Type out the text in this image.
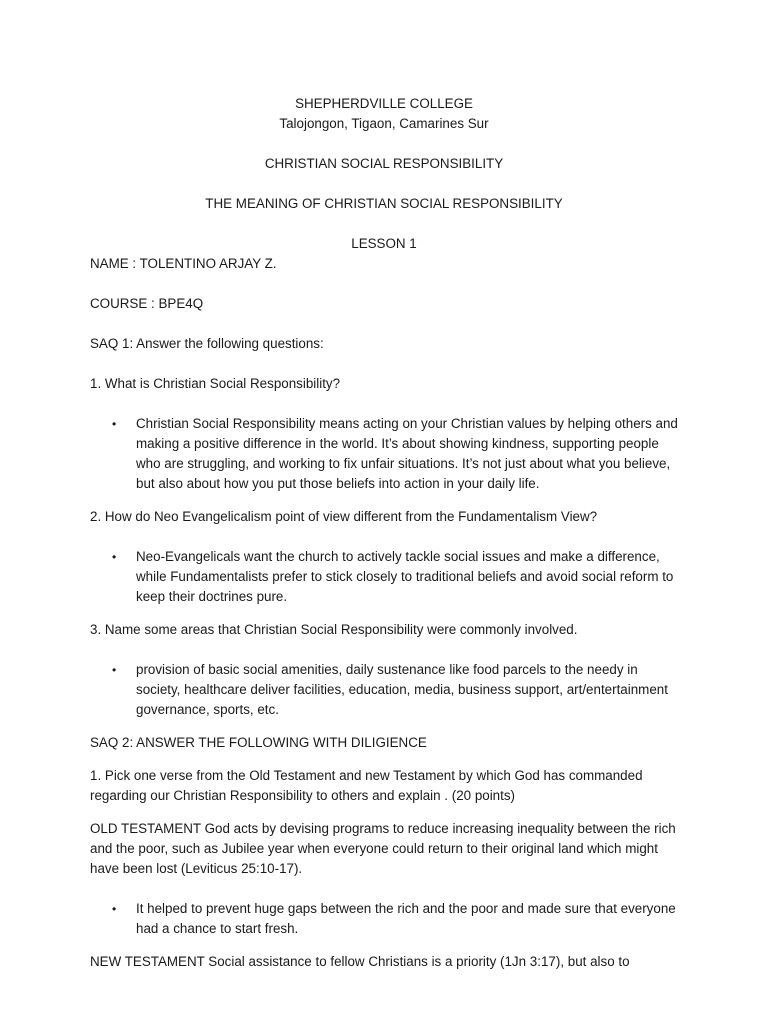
SHEPHERDVILLE COLLEGE

Talojongon, Tigaon, Camarines Sur

CHRISTIAN SOCIAL RESPONSIBILITY

THE MEANING OF CHRISTIAN SOCIAL RESPONSIBILITY

LESSON 1

NAME : TOLENTINO ARJAY Z.

COURSE : BPE4Q

SAQ 1: Answer the following questions:

1. What is Christian Social Responsibility?

• Christian Social Responsibility means acting on your Christian values by helping others and making a positive difference in the world. It’s about showing kindness, supporting people who are struggling, and working to fix unfair situations. It’s not just about what you believe, but also about how you put those beliefs into action in your daily life.

2. How do Neo Evangelicalism point of view different from the Fundamentalism View?

• Neo-Evangelicals want the church to actively tackle social issues and make a difference, while Fundamentalists prefer to stick closely to traditional beliefs and avoid social reform to keep their doctrines pure.

3. Name some areas that Christian Social Responsibility were commonly involved.

• provision of basic social amenities, daily sustenance like food parcels to the needy in society, healthcare deliver facilities, education, media, business support, art/entertainment governance, sports, etc.

SAQ 2: ANSWER THE FOLLOWING WITH DILIGIENCE

1. Pick one verse from the Old Testament and new Testament by which God has commanded regarding our Christian Responsibility to others and explain . (20 points)

OLD TESTAMENT God acts by devising programs to reduce increasing inequality between the rich and the poor, such as Jubilee year when everyone could return to their original land which might have been lost (Leviticus 25:10-17).

• It helped to prevent huge gaps between the rich and the poor and made sure that everyone had a chance to start fresh.

NEW TESTAMENT Social assistance to fellow Christians is a priority (1Jn 3:17), but also to
